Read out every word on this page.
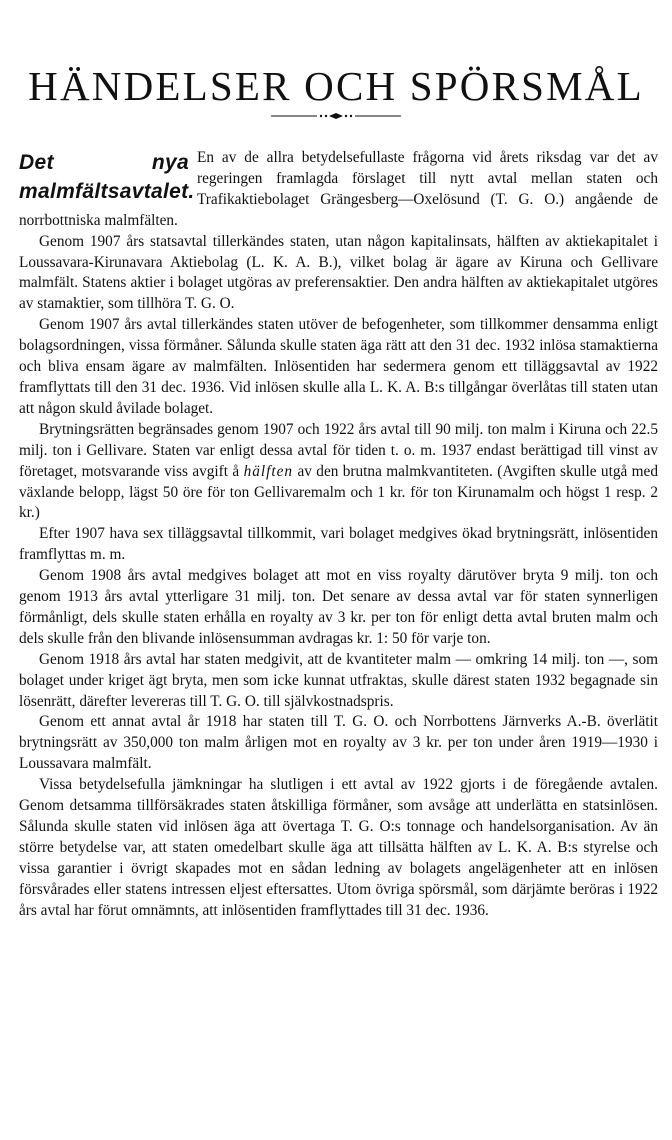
HÄNDELSER OCH SPÖRSMÅL
Det nya malmfältsavtalet.

En av de allra betydelsefullaste frågorna vid årets riksdag var det av regeringen framlagda förslaget till nytt avtal mellan staten och Trafikaktiebolaget Grängesberg—Oxelösund (T. G. O.) angående de norrbottniska malmfälten.

Genom 1907 års statsavtal tillerkändes staten, utan någon kapitalinsats, hälften av aktiekapitalet i Loussavara-Kirunavara Aktiebolag (L. K. A. B.), vilket bolag är ägare av Kiruna och Gellivare malmfält. Statens aktier i bolaget utgöras av preferensaktier. Den andra hälften av aktiekapitalet utgöres av stamaktier, som tillhöra T. G. O.

Genom 1907 års avtal tillerkändes staten utöver de befogenheter, som tillkommer densamma enligt bolagsordningen, vissa förmåner. Sålunda skulle staten äga rätt att den 31 dec. 1932 inlösa stamaktierna och bliva ensam ägare av malmfälten. Inlösentiden har sedermera genom ett tilläggsavtal av 1922 framflyttats till den 31 dec. 1936. Vid inlösen skulle alla L. K. A. B:s tillgångar överlåtas till staten utan att någon skuld åvilade bolaget.

Brytningsrätten begränsades genom 1907 och 1922 års avtal till 90 milj. ton malm i Kiruna och 22.5 milj. ton i Gellivare. Staten var enligt dessa avtal för tiden t. o. m. 1937 endast berättigad till vinst av företaget, motsvarande viss avgift å hälften av den brutna malmkvantiteten. (Avgiften skulle utgå med växlande belopp, lägst 50 öre för ton Gellivaremalm och 1 kr. för ton Kirunamalm och högst 1 resp. 2 kr.)

Efter 1907 hava sex tilläggsavtal tillkommit, vari bolaget medgives ökad brytningsrätt, inlösentiden framflyttas m. m.

Genom 1908 års avtal medgives bolaget att mot en viss royalty därutöver bryta 9 milj. ton och genom 1913 års avtal ytterligare 31 milj. ton. Det senare av dessa avtal var för staten synnerligen förmånligt, dels skulle staten erhålla en royalty av 3 kr. per ton för enligt detta avtal bruten malm och dels skulle från den blivande inlösensumman avdragas kr. 1: 50 för varje ton.

Genom 1918 års avtal har staten medgivit, att de kvantiteter malm — omkring 14 milj. ton —, som bolaget under kriget ägt bryta, men som icke kunnat utfraktas, skulle därest staten 1932 begagnade sin lösenrätt, därefter levereras till T. G. O. till självkostnadspris.

Genom ett annat avtal år 1918 har staten till T. G. O. och Norrbottens Järnverks A.-B. överlätit brytningsrätt av 350,000 ton malm årligen mot en royalty av 3 kr. per ton under åren 1919—1930 i Loussavara malmfält.

Vissa betydelsefulla jämkningar ha slutligen i ett avtal av 1922 gjorts i de föregående avtalen. Genom detsamma tillförsäkrades staten åtskilliga förmåner, som avsåge att underlätta en statsinlösen. Sålunda skulle staten vid inlösen äga att övertaga T. G. O:s tonnage och handelsorganisation. Av än större betydelse var, att staten omedelbart skulle äga att tillsätta hälften av L. K. A. B:s styrelse och vissa garantier i övrigt skapades mot en sådan ledning av bolagets angelägenheter att en inlösen försvårades eller statens intressen eljest eftersattes. Utom övriga spörsmål, som därjämte beröras i 1922 års avtal har förut omnämnts, att inlösentiden framflyttades till 31 dec. 1936.
